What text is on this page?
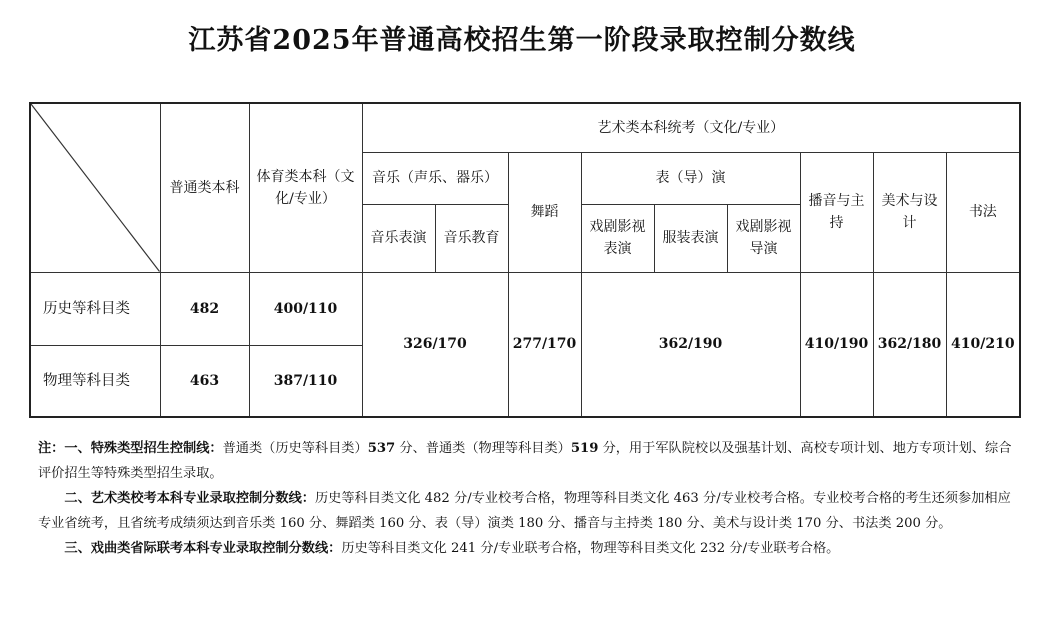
江苏省2025年普通高校招生第一阶段录取控制分数线
	普通类本科	体育类本科（文化/专业）	艺术类本科统考（文化/专业）								
			音乐（声乐、器乐）		舞蹈	表（导）演			播音与主持	美术与设计	书法
			音乐表演	音乐教育		戏剧影视表演	服装表演	戏剧影视导演			
历史等科目类	482	400/110	326/170		277/170	362/190			410/190	362/180	410/210
物理等科目类	463	387/110									

注：一、特殊类型招生控制线：普通类（历史等科目类）537 分、普通类（物理等科目类）519 分，用于军队院校以及强基计划、高校专项计划、地方专项计划、综合评价招生等特殊类型招生录取。

二、艺术类校考本科专业录取控制分数线：历史等科目类文化 482 分/专业校考合格，物理等科目类文化 463 分/专业校考合格。专业校考合格的考生还须参加相应专业省统考，且省统考成绩须达到音乐类 160 分、舞蹈类 160 分、表（导）演类 180 分、播音与主持类 180 分、美术与设计类 170 分、书法类 200 分。

三、戏曲类省际联考本科专业录取控制分数线：历史等科目类文化 241 分/专业联考合格，物理等科目类文化 232 分/专业联考合格。
